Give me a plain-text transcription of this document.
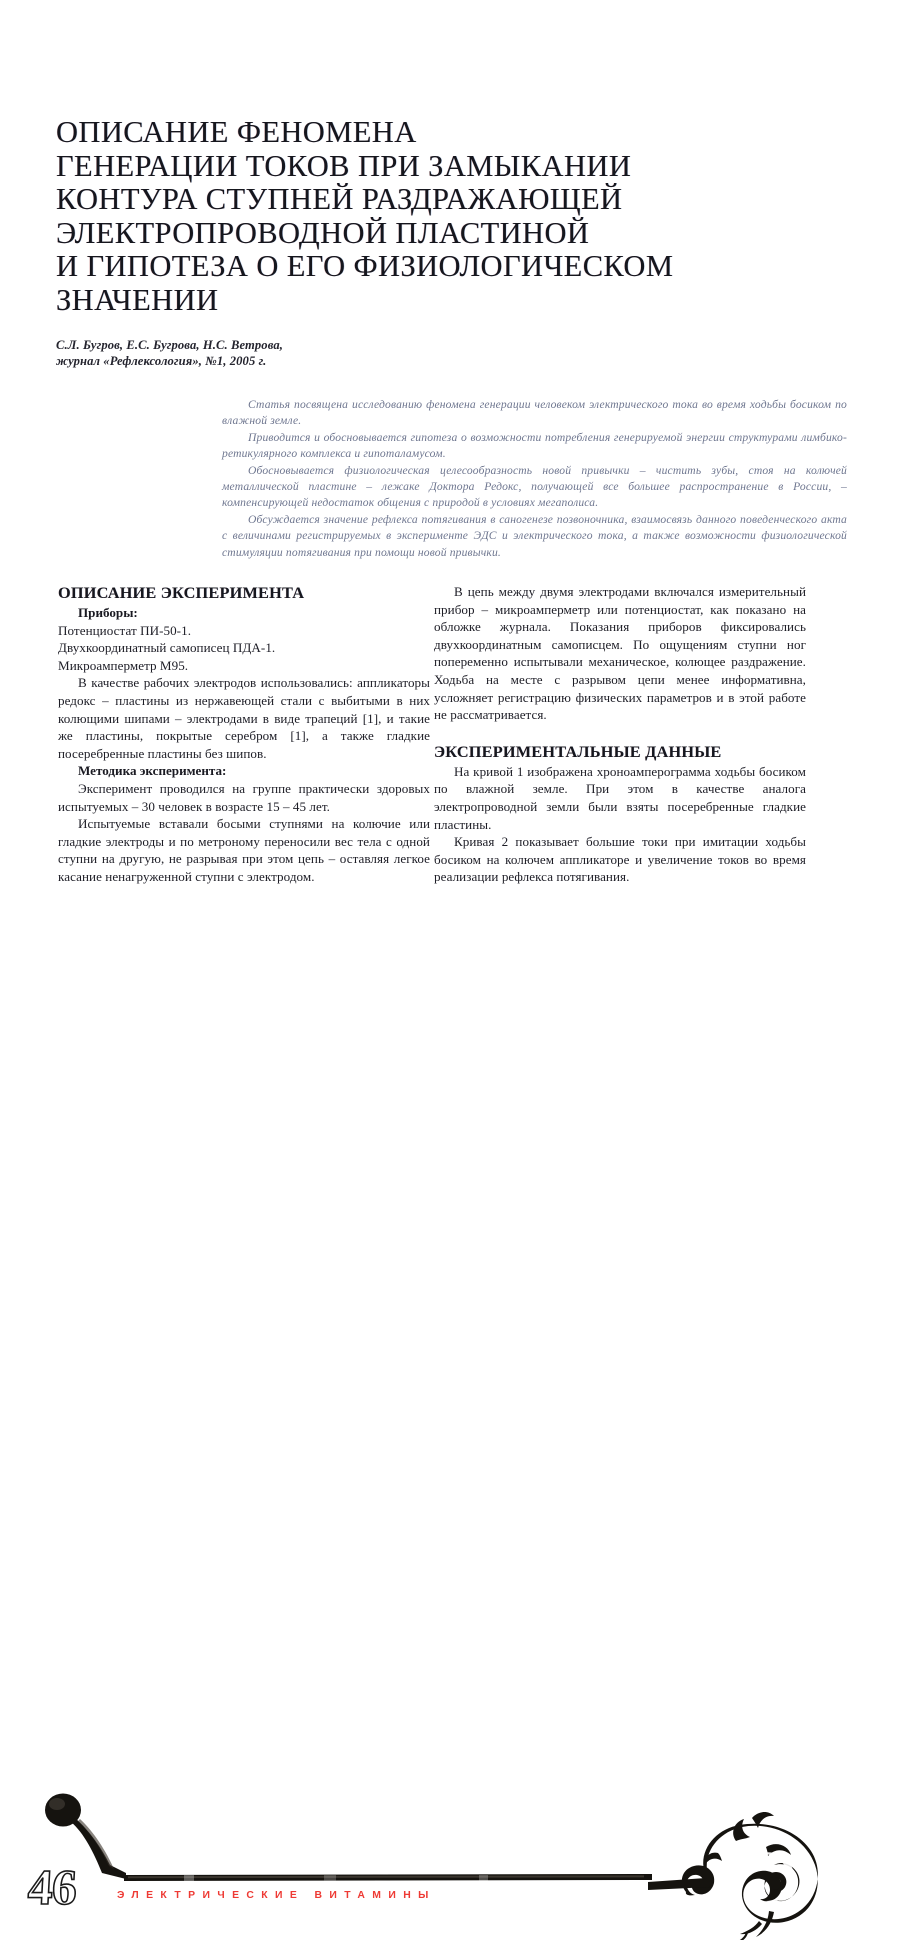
ОПИСАНИЕ ФЕНОМЕНА
ГЕНЕРАЦИИ ТОКОВ ПРИ ЗАМЫКАНИИ
КОНТУРА СТУПНЕЙ РАЗДРАЖАЮЩЕЙ
ЭЛЕКТРОПРОВОДНОЙ ПЛАСТИНОЙ
И ГИПОТЕЗА О ЕГО ФИЗИОЛОГИЧЕСКОМ
ЗНАЧЕНИИ
С.Л. Бугров, Е.С. Бугрова, Н.С. Ветрова,
журнал «Рефлексология», №1, 2005 г.

Статья посвящена исследованию феномена генерации человеком электрического тока во время ходьбы босиком по влажной земле.

Приводится и обосновывается гипотеза о возможности потребления генерируемой энергии структурами лимбико-ретикулярного комплекса и гипоталамусом.

Обосновывается физиологическая целесообразность новой привычки – чистить зубы, стоя на колючей металлической пластине – лежаке Доктора Редокс, получающей все большее распространение в России, – компенсирующей недостаток общения с природой в условиях мегаполиса.

Обсуждается значение рефлекса потягивания в саногенезе позвоночника, взаимосвязь данного поведенческого акта с величинами регистрируемых в эксперименте ЭДС и электрического тока, а также возможности физиологической стимуляции потягивания при помощи новой привычки.

ОПИСАНИЕ ЭКСПЕРИМЕНТА

Приборы:

Потенциостат ПИ-50-1.

Двухкоординатный самописец ПДА-1.

Микроамперметр М95.

В качестве рабочих электродов использовались: аппликаторы редокс – пластины из нержавеющей стали с выбитыми в них колющими шипами – электродами в виде трапеций [1], и такие же пластины, покрытые серебром [1], а также гладкие посеребренные пластины без шипов.

Методика эксперимента:

Эксперимент проводился на группе практически здоровых испытуемых – 30 человек в возрасте 15 – 45 лет.

Испытуемые вставали босыми ступнями на колючие или гладкие электроды и по метроному переносили вес тела с одной ступни на другую, не разрывая при этом цепь – оставляя легкое касание ненагруженной ступни с электродом.

В цепь между двумя электродами включался измерительный прибор – микроамперметр или потенциостат, как показано на обложке журнала. Показания приборов фиксировались двухкоординатным самописцем. По ощущениям ступни ног попеременно испытывали механическое, колющее раздражение. Ходьба на месте с разрывом цепи менее информативна, усложняет регистрацию физических параметров и в этой работе не рассматривается.

ЭКСПЕРИМЕНТАЛЬНЫЕ ДАННЫЕ

На кривой 1 изображена хроноамперограмма ходьбы босиком по влажной земле. При этом в качестве аналога электропроводной земли были взяты посеребренные гладкие пластины.

Кривая 2 показывает большие токи при имитации ходьбы босиком на колючем аппликаторе и увеличение токов во время реализации рефлекса потягивания.

46	ЭЛЕКТРИЧЕСКИЕ ВИТАМИНЫ
